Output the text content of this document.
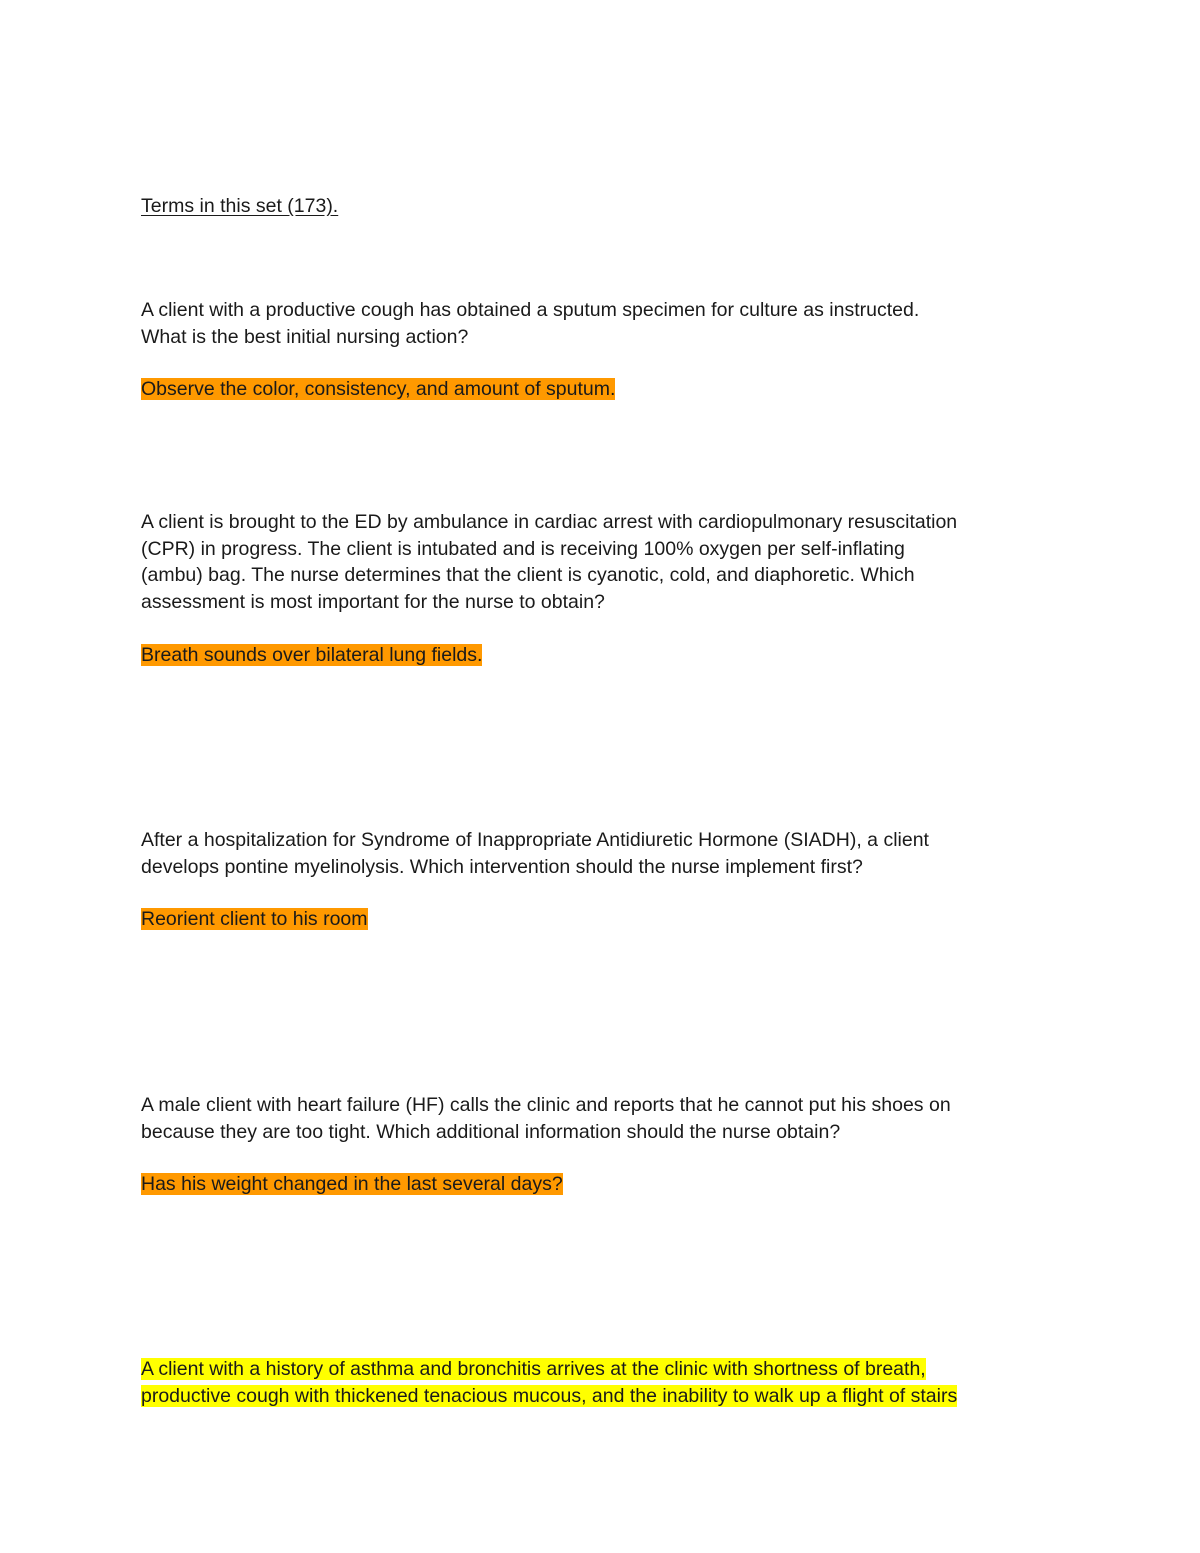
Terms in this set (173).
A client with a productive cough has obtained a sputum specimen for culture as instructed.
What is the best initial nursing action?
Observe the color, consistency, and amount of sputum.
A client is brought to the ED by ambulance in cardiac arrest with cardiopulmonary resuscitation
(CPR) in progress. The client is intubated and is receiving 100% oxygen per self-inflating
(ambu) bag. The nurse determines that the client is cyanotic, cold, and diaphoretic. Which
assessment is most important for the nurse to obtain?
Breath sounds over bilateral lung fields.
After a hospitalization for Syndrome of Inappropriate Antidiuretic Hormone (SIADH), a client
develops pontine myelinolysis. Which intervention should the nurse implement first?
Reorient client to his room
A male client with heart failure (HF) calls the clinic and reports that he cannot put his shoes on
because they are too tight. Which additional information should the nurse obtain?
Has his weight changed in the last several days?
A client with a history of asthma and bronchitis arrives at the clinic with shortness of breath,
productive cough with thickened tenacious mucous, and the inability to walk up a flight of stairs
